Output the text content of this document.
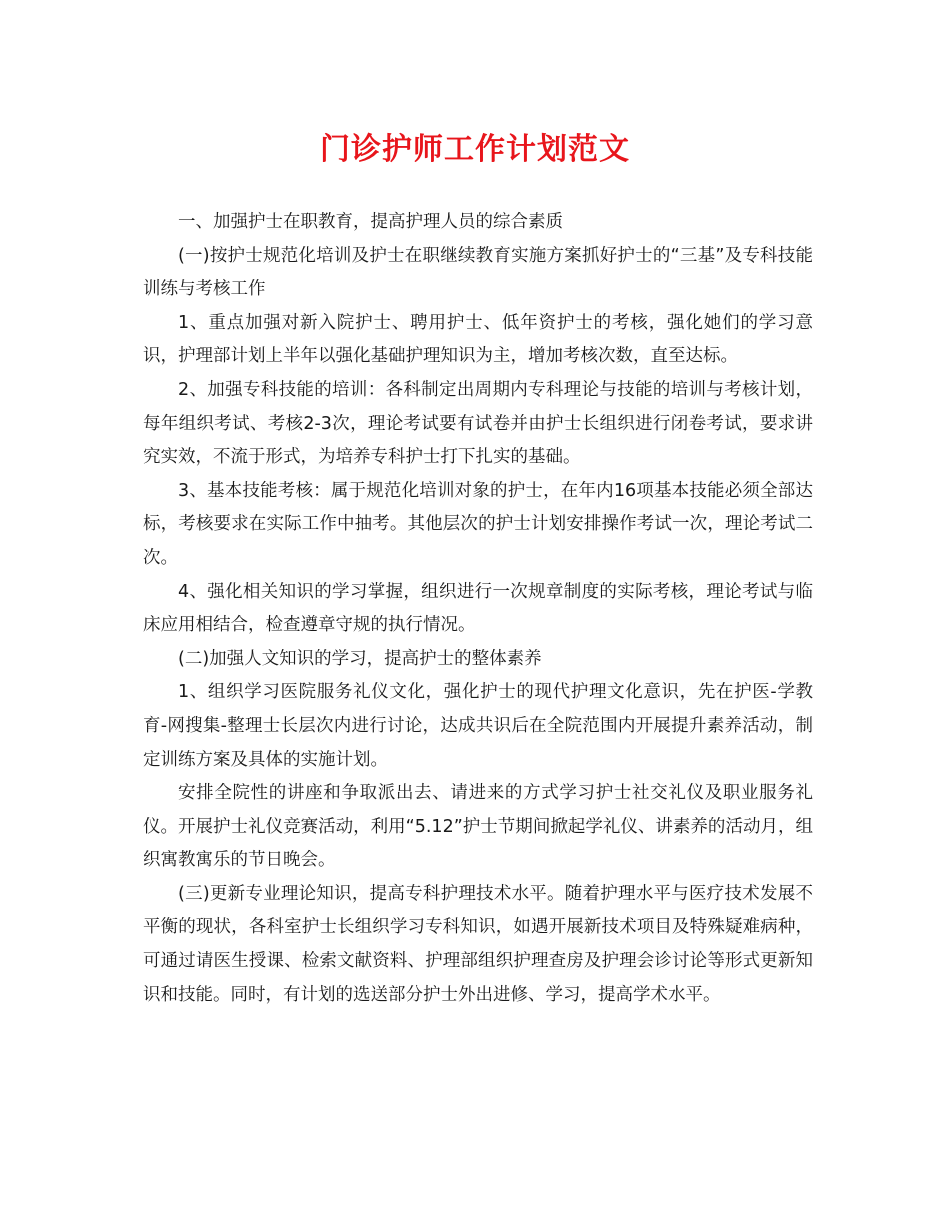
门诊护师工作计划范文

一、加强护士在职教育，提高护理人员的综合素质

(一)按护士规范化培训及护士在职继续教育实施方案抓好护士的“三基”及专科技能训练与考核工作

1、重点加强对新入院护士、聘用护士、低年资护士的考核，强化她们的学习意识，护理部计划上半年以强化基础护理知识为主，增加考核次数，直至达标。

2、加强专科技能的培训：各科制定出周期内专科理论与技能的培训与考核计划，每年组织考试、考核2-3次，理论考试要有试卷并由护士长组织进行闭卷考试，要求讲究实效，不流于形式，为培养专科护士打下扎实的基础。

3、基本技能考核：属于规范化培训对象的护士，在年内16项基本技能必须全部达标，考核要求在实际工作中抽考。其他层次的护士计划安排操作考试一次，理论考试二次。

4、强化相关知识的学习掌握，组织进行一次规章制度的实际考核，理论考试与临床应用相结合，检查遵章守规的执行情况。

(二)加强人文知识的学习，提高护士的整体素养

1、组织学习医院服务礼仪文化，强化护士的现代护理文化意识，先在护医-学教育-网搜集-整理士长层次内进行讨论，达成共识后在全院范围内开展提升素养活动，制定训练方案及具体的实施计划。

安排全院性的讲座和争取派出去、请进来的方式学习护士社交礼仪及职业服务礼仪。开展护士礼仪竞赛活动，利用“5.12”护士节期间掀起学礼仪、讲素养的活动月，组织寓教寓乐的节日晚会。

(三)更新专业理论知识，提高专科护理技术水平。随着护理水平与医疗技术发展不平衡的现状，各科室护士长组织学习专科知识，如遇开展新技术项目及特殊疑难病种，可通过请医生授课、检索文献资料、护理部组织护理查房及护理会诊讨论等形式更新知识和技能。同时，有计划的选送部分护士外出进修、学习，提高学术水平。
